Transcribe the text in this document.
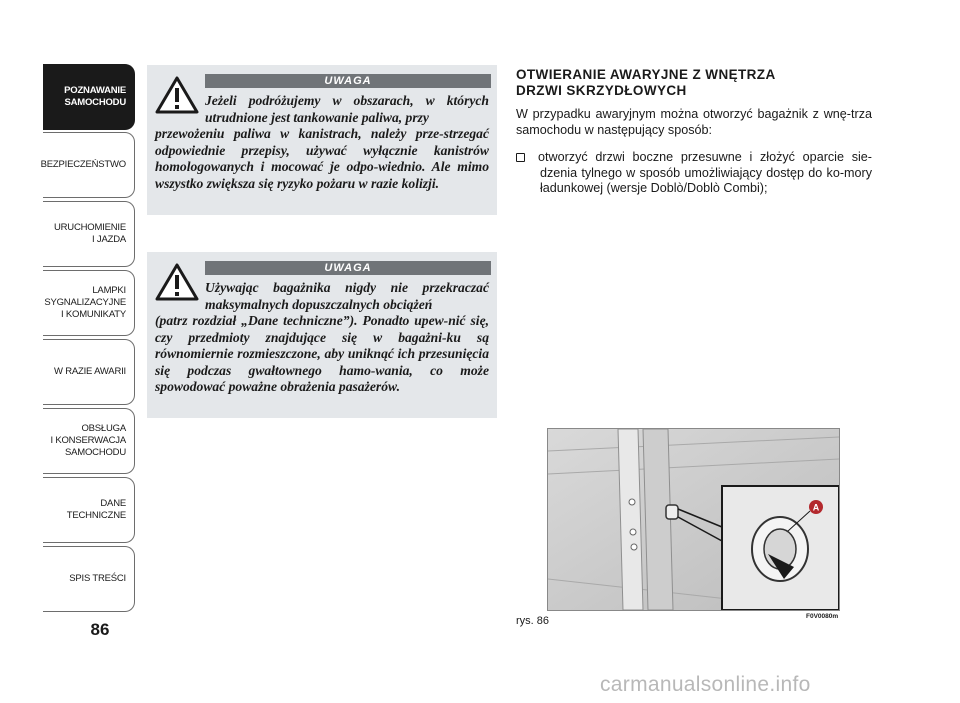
POZNAWANIE
SAMOCHODU
BEZPIECZEŃSTWO
URUCHOMIENIE
I JAZDA
LAMPKI
SYGNALIZACYJNE
I KOMUNIKATY
W RAZIE AWARII
OBSŁUGA
I KONSERWACJA
SAMOCHODU
DANE
TECHNICZNE
SPIS TREŚCI
86
UWAGA
Jeżeli podróżujemy w obszarach, w których utrudnione jest tankowanie paliwa, przy
przewożeniu paliwa w kanistrach, należy prze-strzegać odpowiednie przepisy, używać wyłącznie kanistrów homologowanych i mocować je odpo-wiednio. Ale mimo wszystko zwiększa się ryzyko pożaru w razie kolizji.
UWAGA
Używając bagażnika nigdy nie przekraczać maksymalnych dopuszczalnych obciążeń
(patrz rozdział „Dane techniczne”). Ponadto upew-nić się, czy przedmioty znajdujące się w bagażni-ku są równomiernie rozmieszczone, aby uniknąć ich przesunięcia się podczas gwałtownego hamo-wania, co może spowodować poważne obrażenia pasażerów.
OTWIERANIE AWARYJNE Z WNĘTRZA
DRZWI SKRZYDŁOWYCH
W przypadku awaryjnym można otworzyć bagażnik z wnę-trza samochodu w następujący sposób:
otworzyć drzwi boczne przesuwne i złożyć oparcie sie-dzenia tylnego w sposób umożliwiający dostęp do ko-mory ładunkowej (wersje Doblò/Doblò Combi);
A
rys. 86	F0V0080m
carmanualsonline.info
